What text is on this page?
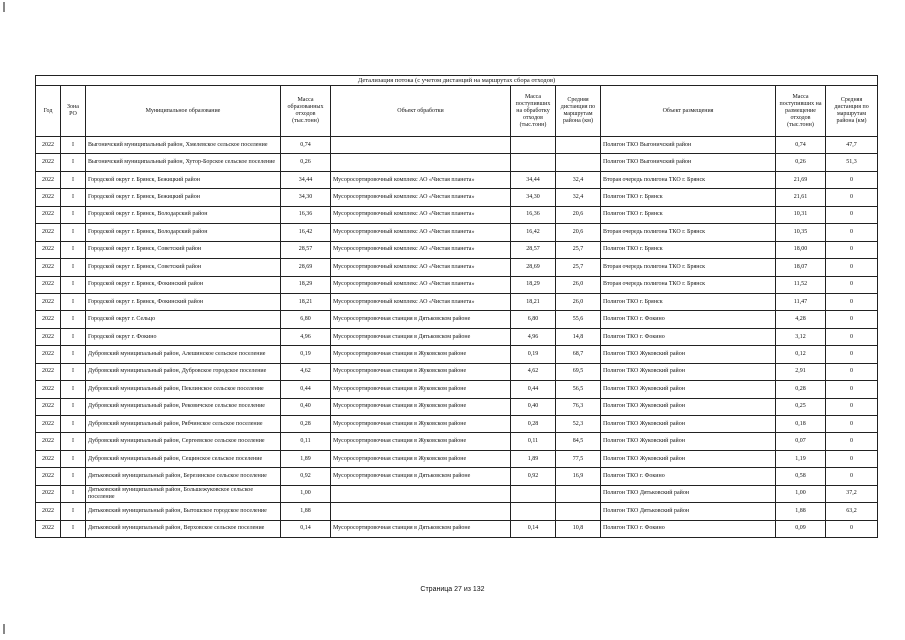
Детализация потока (с учетом дистанций на маршрутах сбора отходов)									
Год	Зона РО	Муниципальное образование	Масса образованных отходов (тыс.тонн)	Объект обработки	Масса поступивших на обработку отходов (тыс.тонн)	Средняя дистанция по маршрутам района (км)	Объект размещения	Масса поступивших на размещение отходов (тыс.тонн)	Средняя дистанция по маршрутам района (км)
2022	I	Выгоничский муниципальный район, Хмелевское сельское поселение	0,74				Полигон ТКО Выгоничский район	0,74	47,7
2022	I	Выгоничский муниципальный район, Хутор-Борское сельское поселение	0,26				Полигон ТКО Выгоничский район	0,26	51,3
2022	I	Городской округ г. Брянск, Бежицкий район	34,44	Мусоросортировочный комплекс АО «Чистая планета»	34,44	32,4	Вторая очередь полигона ТКО г. Брянск	21,69	0
2022	I	Городской округ г. Брянск, Бежицкий район	34,30	Мусоросортировочный комплекс АО «Чистая планета»	34,30	32,4	Полигон ТКО г. Брянск	21,61	0
2022	I	Городской округ г. Брянск, Володарский район	16,36	Мусоросортировочный комплекс АО «Чистая планета»	16,36	20,6	Полигон ТКО г. Брянск	10,31	0
2022	I	Городской округ г. Брянск, Володарский район	16,42	Мусоросортировочный комплекс АО «Чистая планета»	16,42	20,6	Вторая очередь полигона ТКО г. Брянск	10,35	0
2022	I	Городской округ г. Брянск, Советский район	28,57	Мусоросортировочный комплекс АО «Чистая планета»	28,57	25,7	Полигон ТКО г. Брянск	18,00	0
2022	I	Городской округ г. Брянск, Советский район	28,69	Мусоросортировочный комплекс АО «Чистая планета»	28,69	25,7	Вторая очередь полигона ТКО г. Брянск	18,07	0
2022	I	Городской округ г. Брянск, Фокинский район	18,29	Мусоросортировочный комплекс АО «Чистая планета»	18,29	26,0	Вторая очередь полигона ТКО г. Брянск	11,52	0
2022	I	Городской округ г. Брянск, Фокинский район	18,21	Мусоросортировочный комплекс АО «Чистая планета»	18,21	26,0	Полигон ТКО г. Брянск	11,47	0
2022	I	Городской округ г. Сельцо	6,80	Мусоросортировочная станция в Дятьковском районе	6,80	55,6	Полигон ТКО г. Фокино	4,28	0
2022	I	Городской округ г. Фокино	4,96	Мусоросортировочная станция в Дятьковском районе	4,96	14,8	Полигон ТКО г. Фокино	3,12	0
2022	I	Дубровский муниципальный район, Алешинское сельское поселение	0,19	Мусоросортировочная станция в Жуковском районе	0,19	68,7	Полигон ТКО Жуковский район	0,12	0
2022	I	Дубровский муниципальный район, Дубровское городское поселение	4,62	Мусоросортировочная станция в Жуковском районе	4,62	69,5	Полигон ТКО Жуковский район	2,91	0
2022	I	Дубровский муниципальный район, Пеклинское сельское поселение	0,44	Мусоросортировочная станция в Жуковском районе	0,44	56,5	Полигон ТКО Жуковский район	0,28	0
2022	I	Дубровский муниципальный район, Рековичское сельское поселение	0,40	Мусоросортировочная станция в Жуковском районе	0,40	76,3	Полигон ТКО Жуковский район	0,25	0
2022	I	Дубровский муниципальный район, Рябчинское сельское поселение	0,28	Мусоросортировочная станция в Жуковском районе	0,28	52,3	Полигон ТКО Жуковский район	0,18	0
2022	I	Дубровский муниципальный район, Сергеевское сельское поселение	0,11	Мусоросортировочная станция в Жуковском районе	0,11	84,5	Полигон ТКО Жуковский район	0,07	0
2022	I	Дубровский муниципальный район, Сещинское сельское поселение	1,89	Мусоросортировочная станция в Жуковском районе	1,89	77,5	Полигон ТКО Жуковский район	1,19	0
2022	I	Дятьковский муниципальный район, Березинское сельское поселение	0,92	Мусоросортировочная станция в Дятьковском районе	0,92	16,9	Полигон ТКО г. Фокино	0,58	0
2022	I	Дятьковский муниципальный район, Большежуковское сельское поселение	1,00				Полигон ТКО Дятьковский район	1,00	37,2
2022	I	Дятьковский муниципальный район, Бытошское городское поселение	1,88				Полигон ТКО Дятьковский район	1,88	63,2
2022	I	Дятьковский муниципальный район, Верховское сельское поселение	0,14	Мусоросортировочная станция в Дятьковском районе	0,14	10,8	Полигон ТКО г. Фокино	0,09	0
Страница 27 из 132
